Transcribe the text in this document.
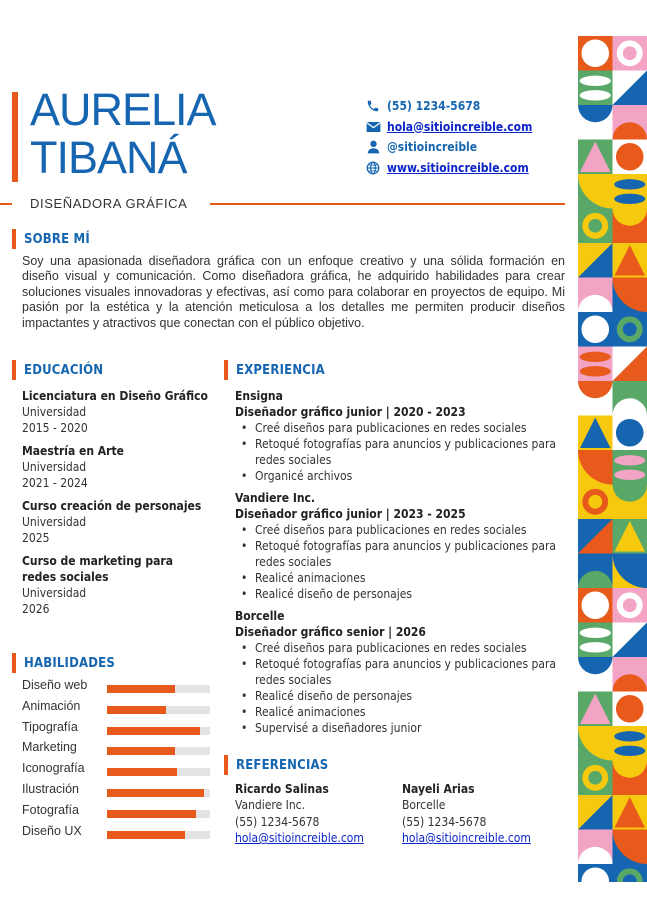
AURELIA
TIBANÁ
DISEÑADORA GRÁFICA
(55) 1234-5678
hola@sitioincreible.com
@sitioincreible
www.sitioincreible.com
SOBRE MÍ

Soy una apasionada diseñadora gráfica con un enfoque creativo y una sólida formación en diseño visual y comunicación. Como diseñadora gráfica, he adquirido habilidades para crear soluciones visuales innovadoras y efectivas, así como para colaborar en proyectos de equipo. Mi pasión por la estética y la atención meticulosa a los detalles me permiten producir diseños impactantes y atractivos que conectan con el público objetivo.

EDUCACIÓN
Licenciatura en Diseño Gráfico
Universidad
2015 - 2020
Maestría en Arte
Universidad
2021 - 2024
Curso creación de personajes
Universidad
2025
Curso de marketing para redes sociales
Universidad
2026
HABILIDADES
Diseño web
Animación
Tipografía
Marketing
Iconografía
Ilustración
Fotografía
Diseño UX
EXPERIENCIA
Ensigna
Diseñador gráfico junior | 2020 - 2023
• Creé diseños para publicaciones en redes sociales
• Retoqué fotografías para anuncios y publicaciones para redes sociales
• Organicé archivos
Vandiere Inc.
Diseñador gráfico junior | 2023 - 2025
• Creé diseños para publicaciones en redes sociales
• Retoqué fotografías para anuncios y publicaciones para redes sociales
• Realicé animaciones
• Realicé diseño de personajes
Borcelle
Diseñador gráfico senior | 2026
• Creé diseños para publicaciones en redes sociales
• Retoqué fotografías para anuncios y publicaciones para redes sociales
• Realicé diseño de personajes
• Realicé animaciones
• Supervisé a diseñadores junior
REFERENCIAS
Ricardo Salinas
Vandiere Inc.
(55) 1234-5678
hola@sitioincreible.com
Nayeli Arias
Borcelle
(55) 1234-5678
hola@sitioincreible.com
